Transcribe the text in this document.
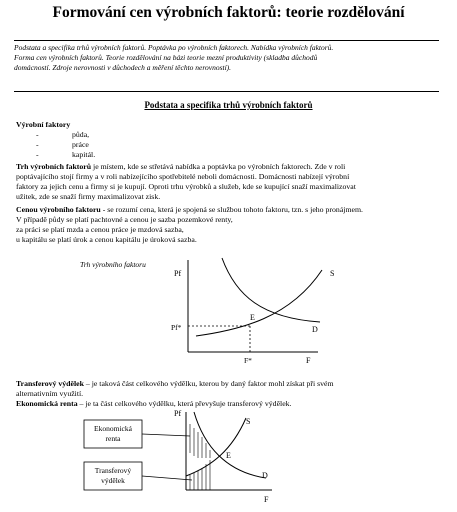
Formování cen výrobních faktorů: teorie rozdělování
Podstata a specifika trhů výrobních faktorů. Poptávka po výrobních faktorech. Nabídka výrobních faktorů.
Forma cen výrobních faktorů. Teorie rozdělování na bázi teorie mezní produktivity (skladba důchodů
domácností. Zdroje nerovnosti v důchodech a měření těchto nerovností).
Podstata a specifika trhů výrobních faktorů
Výrobní faktory
-	půda,
-	práce
-	kapitál.
Trh výrobních faktorů je místem, kde se střetává nabídka a poptávka po výrobních faktorech. Zde v roli
poptávajícího stojí firmy a v roli nabízejícího spotřebitelé neboli domácnosti. Domácnosti nabízejí výrobní
faktory za jejich cenu a firmy si je kupují. Oproti trhu výrobků a služeb, kde se kupující snaží maximalizovat
užitek, zde se snaží firmy maximalizovat zisk.
Cenou výrobního faktoru - se rozumí cena, která je spojená se službou tohoto faktoru, tzn. s jeho pronájmem.
V případě půdy se platí pachtovné a cenou je sazba pozemkové renty,
za práci se platí mzda a cenou práce je mzdová sazba,
u kapitálu se platí úrok a cenou kapitálu je úroková sazba.
Trh výrobního faktoru
Pf
F
Pf*
F*
E
S
D
Transferový výdělek – je taková část celkového výdělku, kterou by daný faktor mohl získat při svém
alternativním využití.
Ekonomická renta – je ta část celkového výdělku, která převyšuje transferový výdělek.
Pf
F
E
S
D
Ekonomická
renta
Transferový
výdělek
